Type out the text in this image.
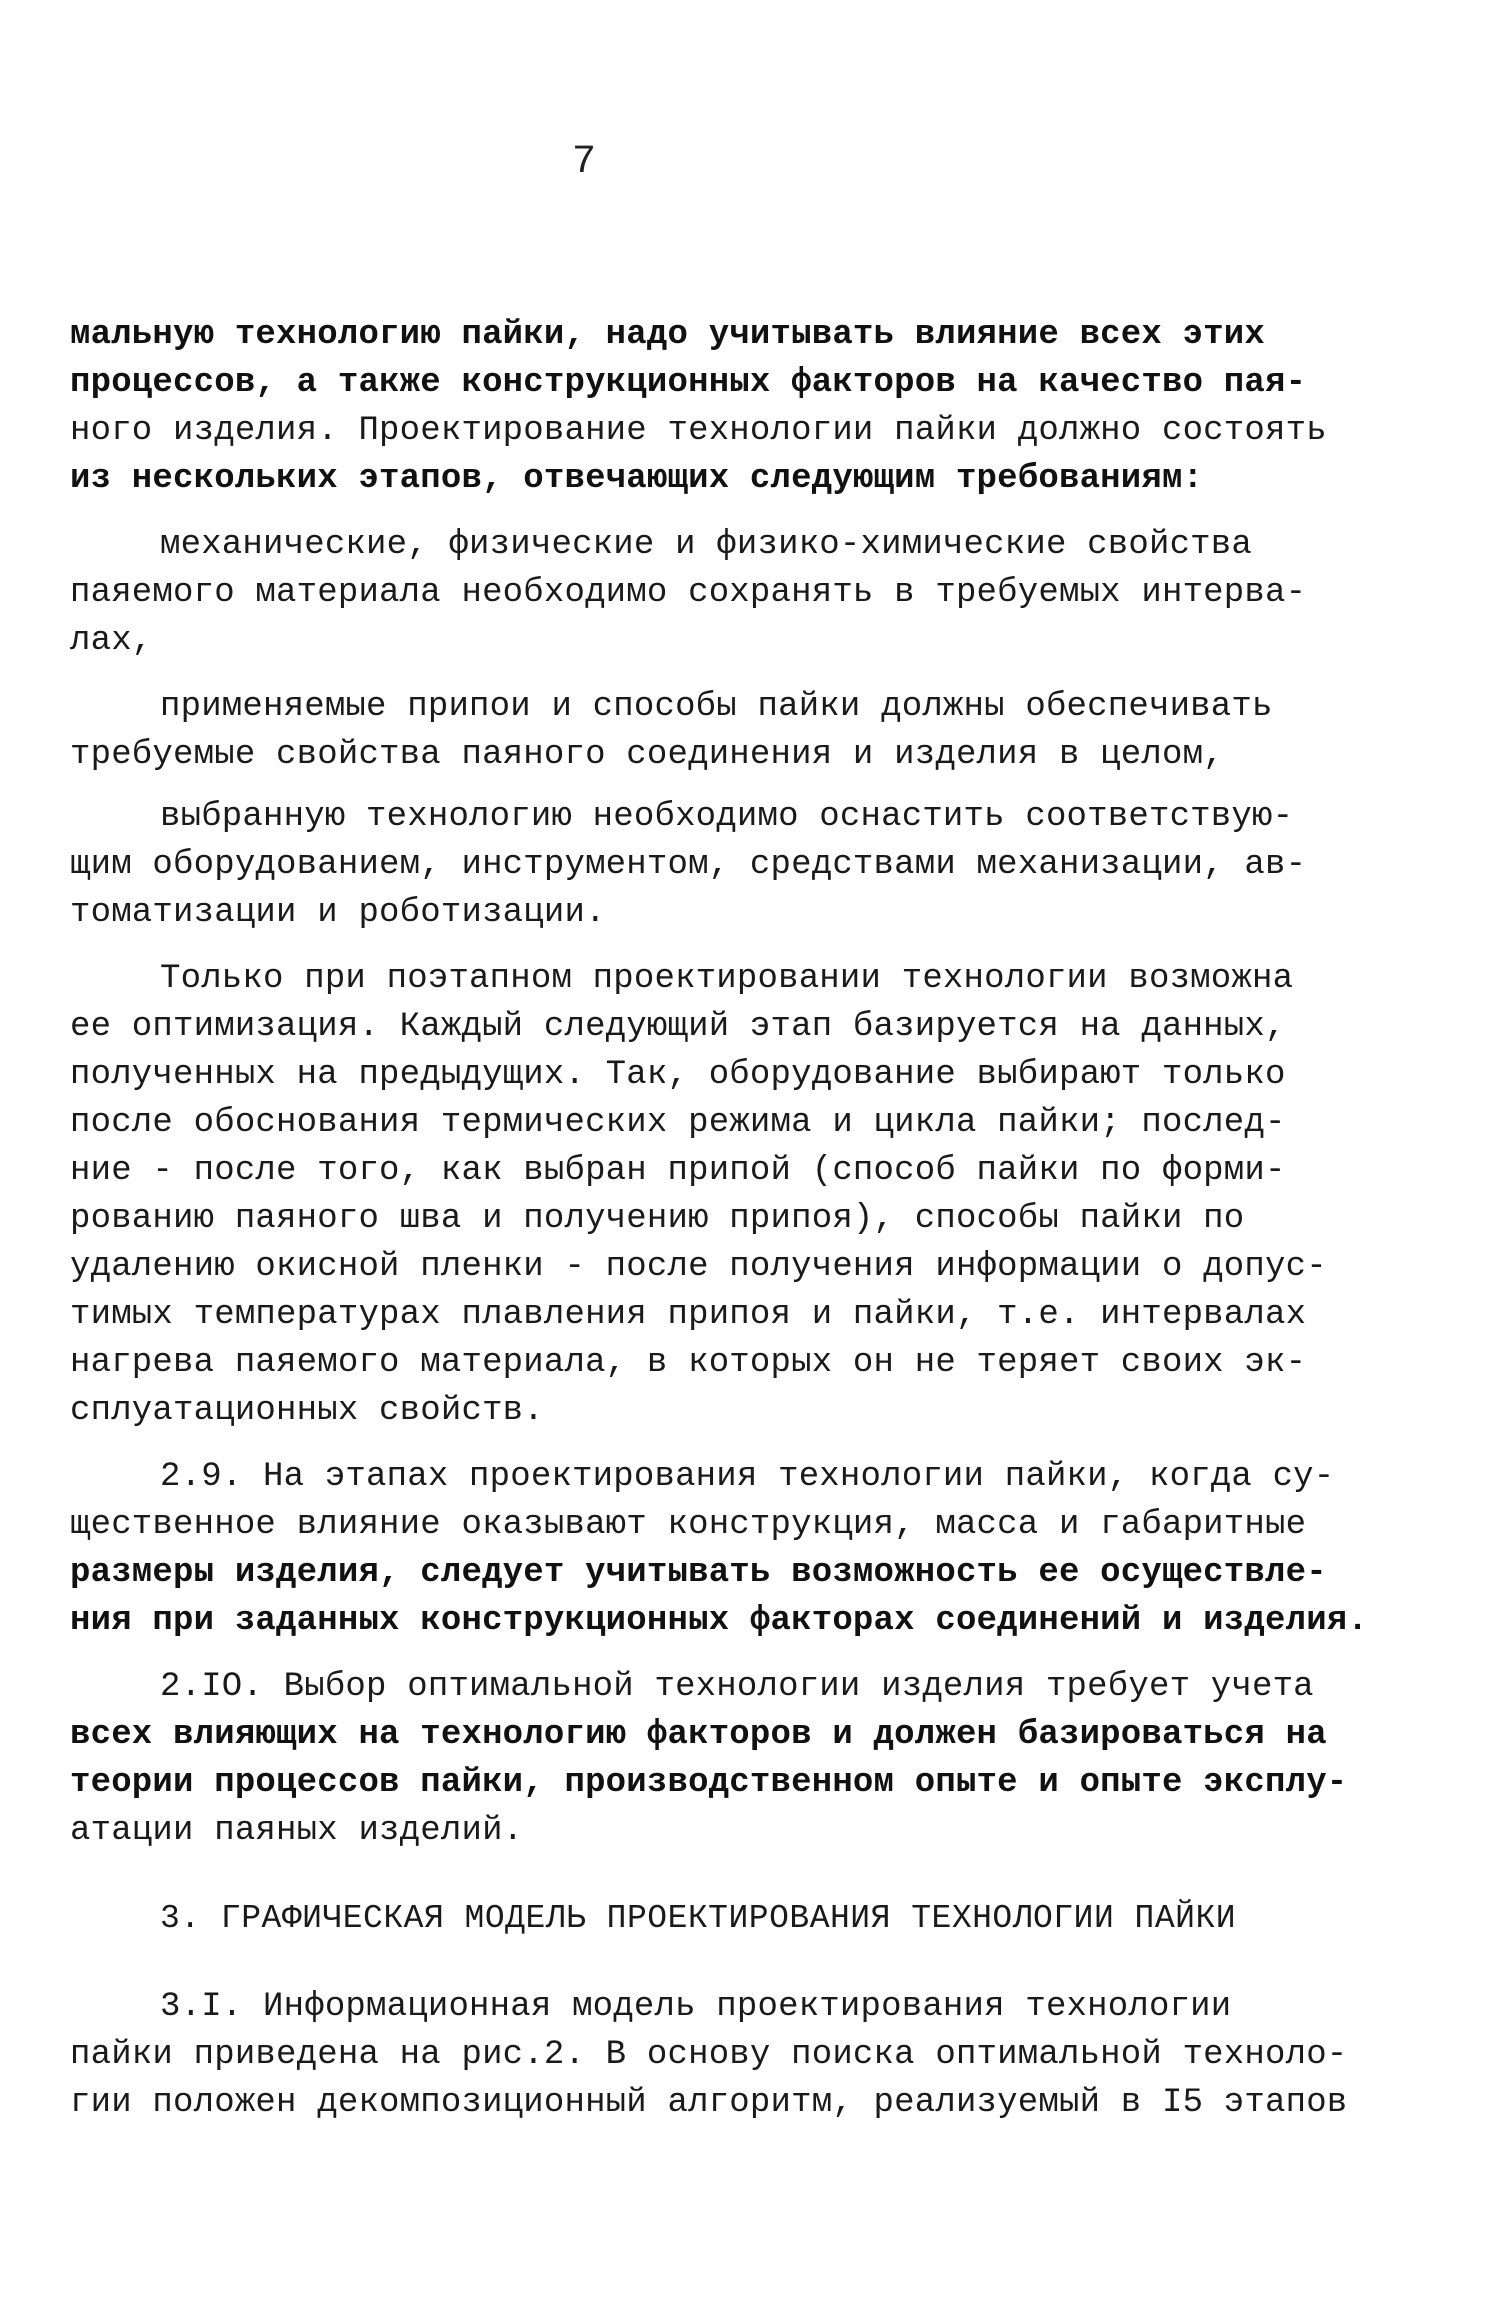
7
мальную технологию пайки, надо учитывать влияние всех этих
процессов, а также конструкционных факторов на качество пая-
ного изделия. Проектирование технологии пайки должно состоять
из нескольких этапов, отвечающих следующим требованиям:
механические, физические и физико-химические свойства
паяемого материала необходимо сохранять в требуемых интерва-
лах,
применяемые припои и способы пайки должны обеспечивать
требуемые свойства паяного соединения и изделия в целом,
выбранную технологию необходимо оснастить соответствую-
щим оборудованием, инструментом, средствами механизации, ав-
томатизации и роботизации.
Только при поэтапном проектировании технологии возможна
ее оптимизация. Каждый следующий этап базируется на данных,
полученных на предыдущих. Так, оборудование выбирают только
после обоснования термических режима и цикла пайки; послед-
ние - после того, как выбран припой (способ пайки по форми-
рованию паяного шва и получению припоя), способы пайки по
удалению окисной пленки - после получения информации о допус-
тимых температурах плавления припоя и пайки, т.е. интервалах
нагрева паяемого материала, в которых он не теряет своих эк-
сплуатационных свойств.
2.9. На этапах проектирования технологии пайки, когда су-
щественное влияние оказывают конструкция, масса и габаритные
размеры изделия, следует учитывать возможность ее осуществле-
ния при заданных конструкционных факторах соединений и изделия.
2.IO. Выбор оптимальной технологии изделия требует учета
всех влияющих на технологию факторов и должен базироваться на
теории процессов пайки, производственном опыте и опыте эксплу-
атации паяных изделий.
3. ГРАФИЧЕСКАЯ МОДЕЛЬ ПРОЕКТИРОВАНИЯ ТЕХНОЛОГИИ ПАЙКИ
3.I. Информационная модель проектирования технологии
пайки приведена на рис.2. В основу поиска оптимальной техноло-
гии положен декомпозиционный алгоритм, реализуемый в I5 этапов
